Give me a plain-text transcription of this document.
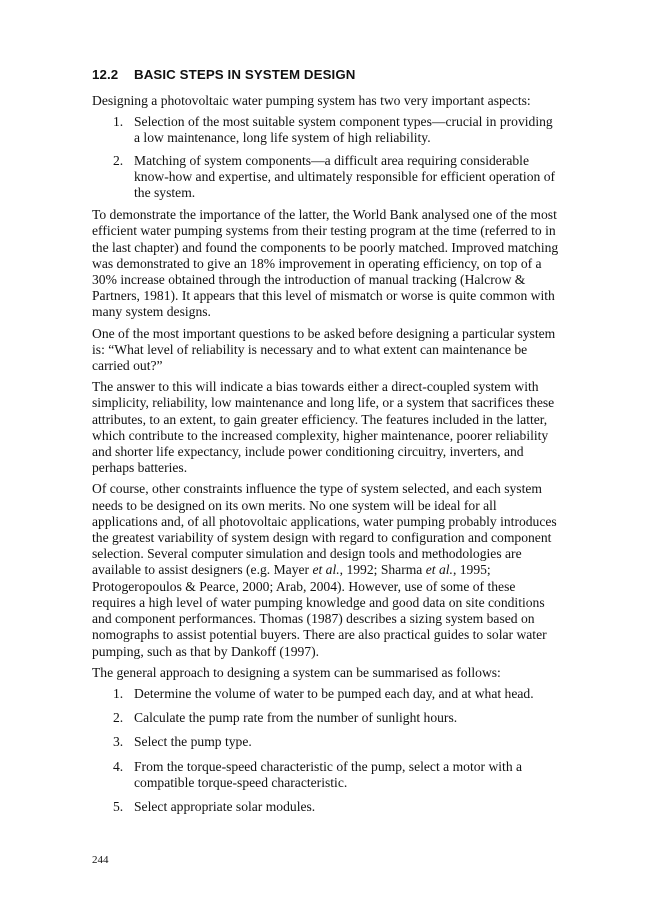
12.2 BASIC STEPS IN SYSTEM DESIGN

Designing a photovoltaic water pumping system has two very important aspects:

1. Selection of the most suitable system component types—crucial in providing a low maintenance, long life system of high reliability.
2. Matching of system components—a difficult area requiring considerable know-how and expertise, and ultimately responsible for efficient operation of the system.

To demonstrate the importance of the latter, the World Bank analysed one of the most efficient water pumping systems from their testing program at the time (referred to in the last chapter) and found the components to be poorly matched. Improved matching was demonstrated to give an 18% improvement in operating efficiency, on top of a 30% increase obtained through the introduction of manual tracking (Halcrow & Partners, 1981). It appears that this level of mismatch or worse is quite common with many system designs.

One of the most important questions to be asked before designing a particular system is: “What level of reliability is necessary and to what extent can maintenance be carried out?”

The answer to this will indicate a bias towards either a direct-coupled system with simplicity, reliability, low maintenance and long life, or a system that sacrifices these attributes, to an extent, to gain greater efficiency. The features included in the latter, which contribute to the increased complexity, higher maintenance, poorer reliability and shorter life expectancy, include power conditioning circuitry, inverters, and perhaps batteries.

Of course, other constraints influence the type of system selected, and each system needs to be designed on its own merits. No one system will be ideal for all applications and, of all photovoltaic applications, water pumping probably introduces the greatest variability of system design with regard to configuration and component selection. Several computer simulation and design tools and methodologies are available to assist designers (e.g. Mayer et al., 1992; Sharma et al., 1995; Protogeropoulos & Pearce, 2000; Arab, 2004). However, use of some of these requires a high level of water pumping knowledge and good data on site conditions and component performances. Thomas (1987) describes a sizing system based on nomographs to assist potential buyers. There are also practical guides to solar water pumping, such as that by Dankoff (1997).

The general approach to designing a system can be summarised as follows:

1. Determine the volume of water to be pumped each day, and at what head.
2. Calculate the pump rate from the number of sunlight hours.
3. Select the pump type.
4. From the torque-speed characteristic of the pump, select a motor with a compatible torque-speed characteristic.
5. Select appropriate solar modules.
244
